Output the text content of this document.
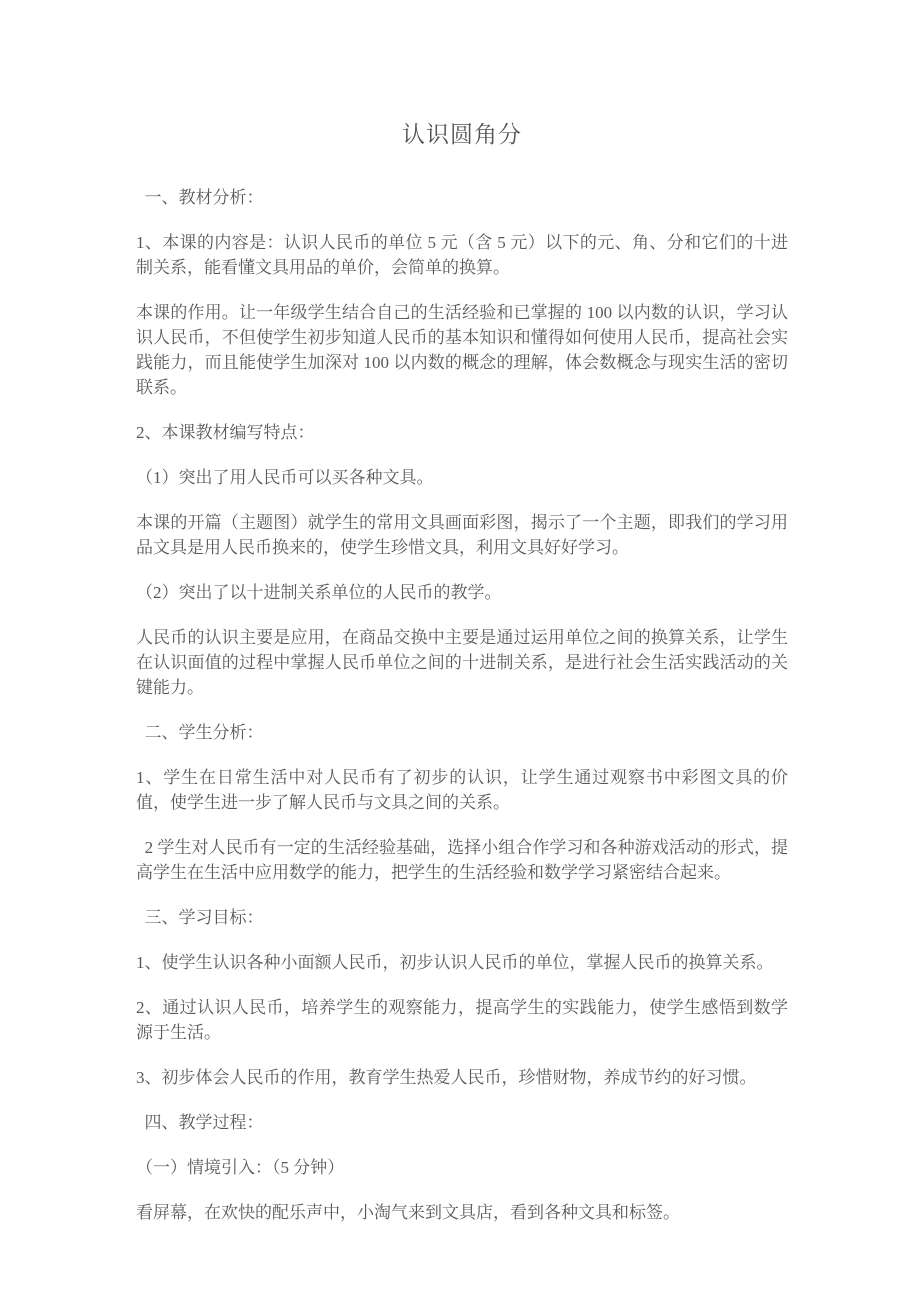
认识圆角分

一、教材分析：

1、本课的内容是：认识人民币的单位 5 元（含 5 元）以下的元、角、分和它们的十进制关系，能看懂文具用品的单价，会简单的换算。

本课的作用。让一年级学生结合自己的生活经验和已掌握的 100 以内数的认识，学习认识人民币，不但使学生初步知道人民币的基本知识和懂得如何使用人民币，提高社会实践能力，而且能使学生加深对 100 以内数的概念的理解，体会数概念与现实生活的密切联系。

2、本课教材编写特点：

（1）突出了用人民币可以买各种文具。

本课的开篇（主题图）就学生的常用文具画面彩图，揭示了一个主题，即我们的学习用品文具是用人民币换来的，使学生珍惜文具，利用文具好好学习。

（2）突出了以十进制关系单位的人民币的教学。

人民币的认识主要是应用，在商品交换中主要是通过运用单位之间的换算关系，让学生在认识面值的过程中掌握人民币单位之间的十进制关系，是进行社会生活实践活动的关键能力。

二、学生分析：

1、学生在日常生活中对人民币有了初步的认识，让学生通过观察书中彩图文具的价值，使学生进一步了解人民币与文具之间的关系。

2 学生对人民币有一定的生活经验基础，选择小组合作学习和各种游戏活动的形式，提高学生在生活中应用数学的能力，把学生的生活经验和数学学习紧密结合起来。

三、学习目标：

1、使学生认识各种小面额人民币，初步认识人民币的单位，掌握人民币的换算关系。

2、通过认识人民币，培养学生的观察能力，提高学生的实践能力，使学生感悟到数学源于生活。

3、初步体会人民币的作用，教育学生热爱人民币，珍惜财物，养成节约的好习惯。

四、教学过程：

（一）情境引入：（5 分钟）

看屏幕，在欢快的配乐声中，小淘气来到文具店，看到各种文具和标签。
